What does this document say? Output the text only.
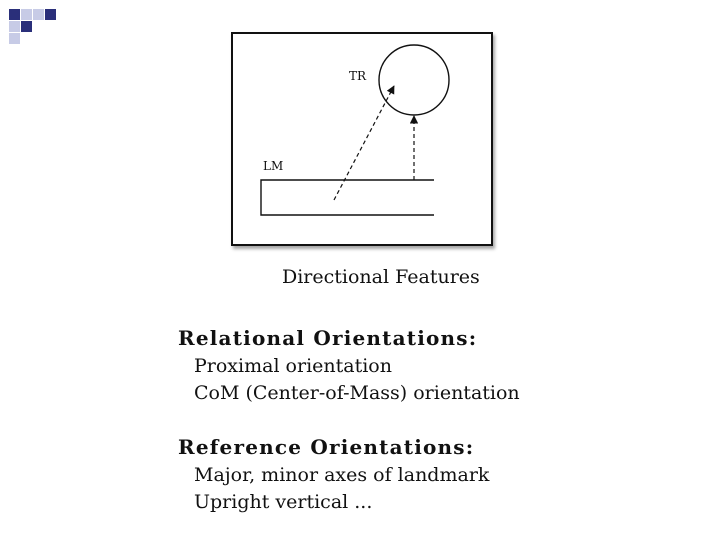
TR
LM
Directional Features
Relational Orientations:
Proximal orientation
CoM (Center-of-Mass) orientation
Reference Orientations:
Major, minor axes of landmark
Upright vertical ...
